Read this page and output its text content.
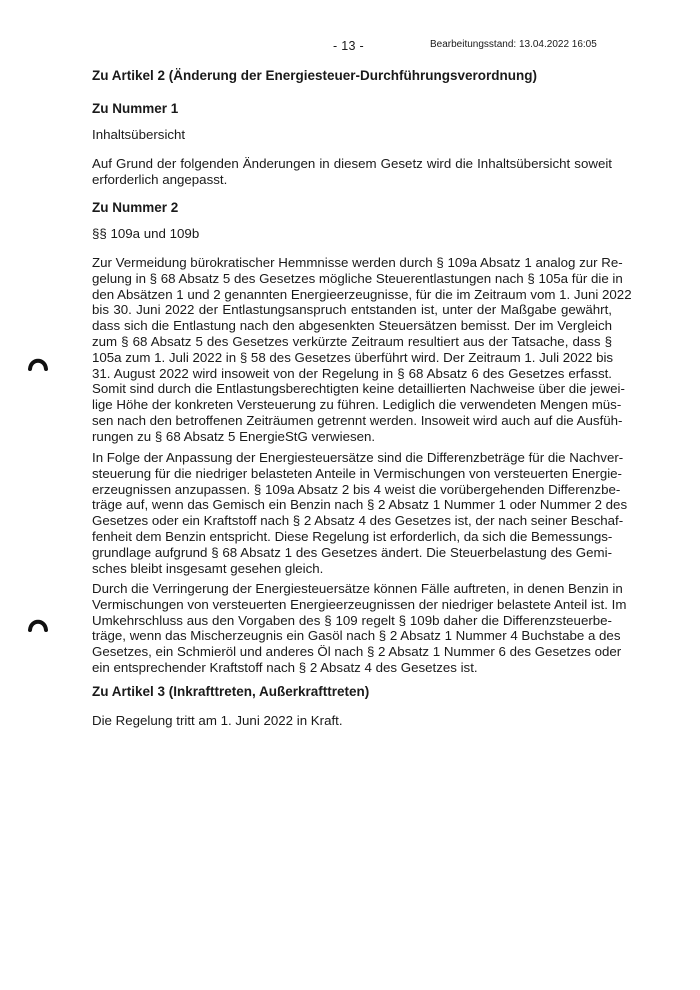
- 13 -	Bearbeitungsstand: 13.04.2022 16:05
Zu Artikel 2 (Änderung der Energiesteuer-Durchführungsverordnung)
Zu Nummer 1
Inhaltsübersicht

Auf Grund der folgenden Änderungen in diesem Gesetz wird die Inhaltsübersicht soweit
erforderlich angepasst.

Zu Nummer 2
§§ 109a und 109b

Zur Vermeidung bürokratischer Hemmnisse werden durch § 109a Absatz 1 analog zur Re-
gelung in § 68 Absatz 5 des Gesetzes mögliche Steuerentlastungen nach § 105a für die in
den Absätzen 1 und 2 genannten Energieerzeugnisse, für die im Zeitraum vom 1. Juni 2022
bis 30. Juni 2022 der Entlastungsanspruch entstanden ist, unter der Maßgabe gewährt,
dass sich die Entlastung nach den abgesenkten Steuersätzen bemisst. Der im Vergleich
zum § 68 Absatz 5 des Gesetzes verkürzte Zeitraum resultiert aus der Tatsache, dass §
105a zum 1. Juli 2022 in § 58 des Gesetzes überführt wird. Der Zeitraum 1. Juli 2022 bis
31. August 2022 wird insoweit von der Regelung in § 68 Absatz 6 des Gesetzes erfasst.
Somit sind durch die Entlastungsberechtigten keine detaillierten Nachweise über die jewei-
lige Höhe der konkreten Versteuerung zu führen. Lediglich die verwendeten Mengen müs-
sen nach den betroffenen Zeiträumen getrennt werden. Insoweit wird auch auf die Ausfüh-
rungen zu § 68 Absatz 5 EnergieStG verwiesen.

In Folge der Anpassung der Energiesteuersätze sind die Differenzbeträge für die Nachver-
steuerung für die niedriger belasteten Anteile in Vermischungen von versteuerten Energie-
erzeugnissen anzupassen. § 109a Absatz 2 bis 4 weist die vorübergehenden Differenzbe-
träge auf, wenn das Gemisch ein Benzin nach § 2 Absatz 1 Nummer 1 oder Nummer 2 des
Gesetzes oder ein Kraftstoff nach § 2 Absatz 4 des Gesetzes ist, der nach seiner Beschaf-
fenheit dem Benzin entspricht. Diese Regelung ist erforderlich, da sich die Bemessungs-
grundlage aufgrund § 68 Absatz 1 des Gesetzes ändert. Die Steuerbelastung des Gemi-
sches bleibt insgesamt gesehen gleich.

Durch die Verringerung der Energiesteuersätze können Fälle auftreten, in denen Benzin in
Vermischungen von versteuerten Energieerzeugnissen der niedriger belastete Anteil ist. Im
Umkehrschluss aus den Vorgaben des § 109 regelt § 109b daher die Differenzsteuerbe-
träge, wenn das Mischerzeugnis ein Gasöl nach § 2 Absatz 1 Nummer 4 Buchstabe a des
Gesetzes, ein Schmieröl und anderes Öl nach § 2 Absatz 1 Nummer 6 des Gesetzes oder
ein entsprechender Kraftstoff nach § 2 Absatz 4 des Gesetzes ist.

Zu Artikel 3 (Inkrafttreten, Außerkrafttreten)
Die Regelung tritt am 1. Juni 2022 in Kraft.
